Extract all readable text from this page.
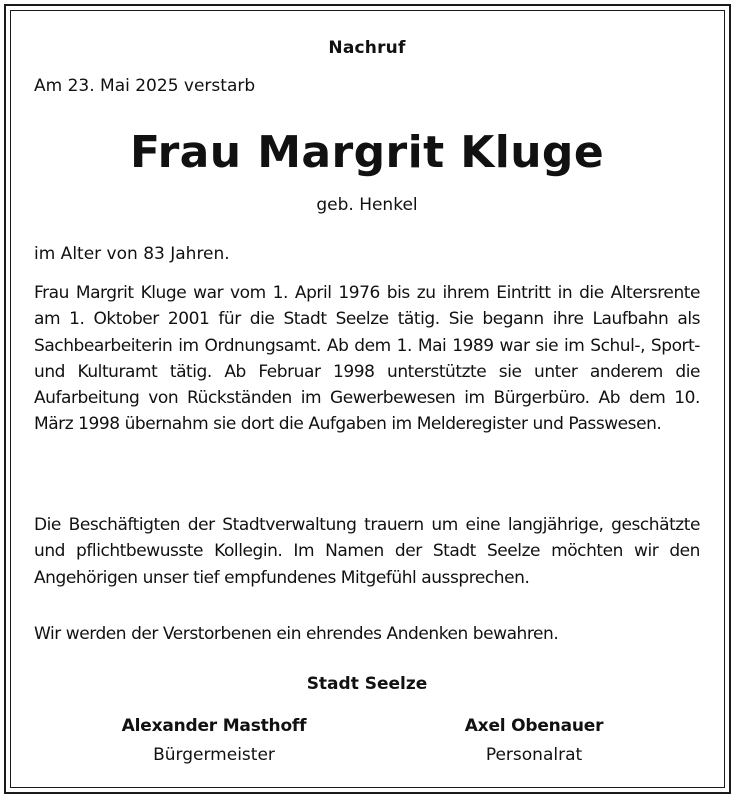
Nachruf
Am 23. Mai 2025 verstarb
Frau Margrit Kluge
geb. Henkel
im Alter von 83 Jahren.
Frau Margrit Kluge war vom 1. April 1976 bis zu ihrem Eintritt in die Altersrente am 1. Oktober 2001 für die Stadt Seelze tätig. Sie begann ihre Laufbahn als Sachbearbeiterin im Ordnungsamt. Ab dem 1. Mai 1989 war sie im Schul-, Sport- und Kulturamt tätig. Ab Februar 1998 unterstützte sie unter anderem die Aufarbeitung von Rückständen im Gewerbewesen im Bürgerbüro. Ab dem 10. März 1998 übernahm sie dort die Aufgaben im Melderegister und Passwesen.
Die Beschäftigten der Stadtverwaltung trauern um eine langjährige, geschätzte und pflichtbewusste Kollegin. Im Namen der Stadt Seelze möchten wir den Angehörigen unser tief empfundenes Mitgefühl aussprechen.
Wir werden der Verstorbenen ein ehrendes Andenken bewahren.
Stadt Seelze
Alexander Masthoff
Bürgermeister
Axel Obenauer
Personalrat
